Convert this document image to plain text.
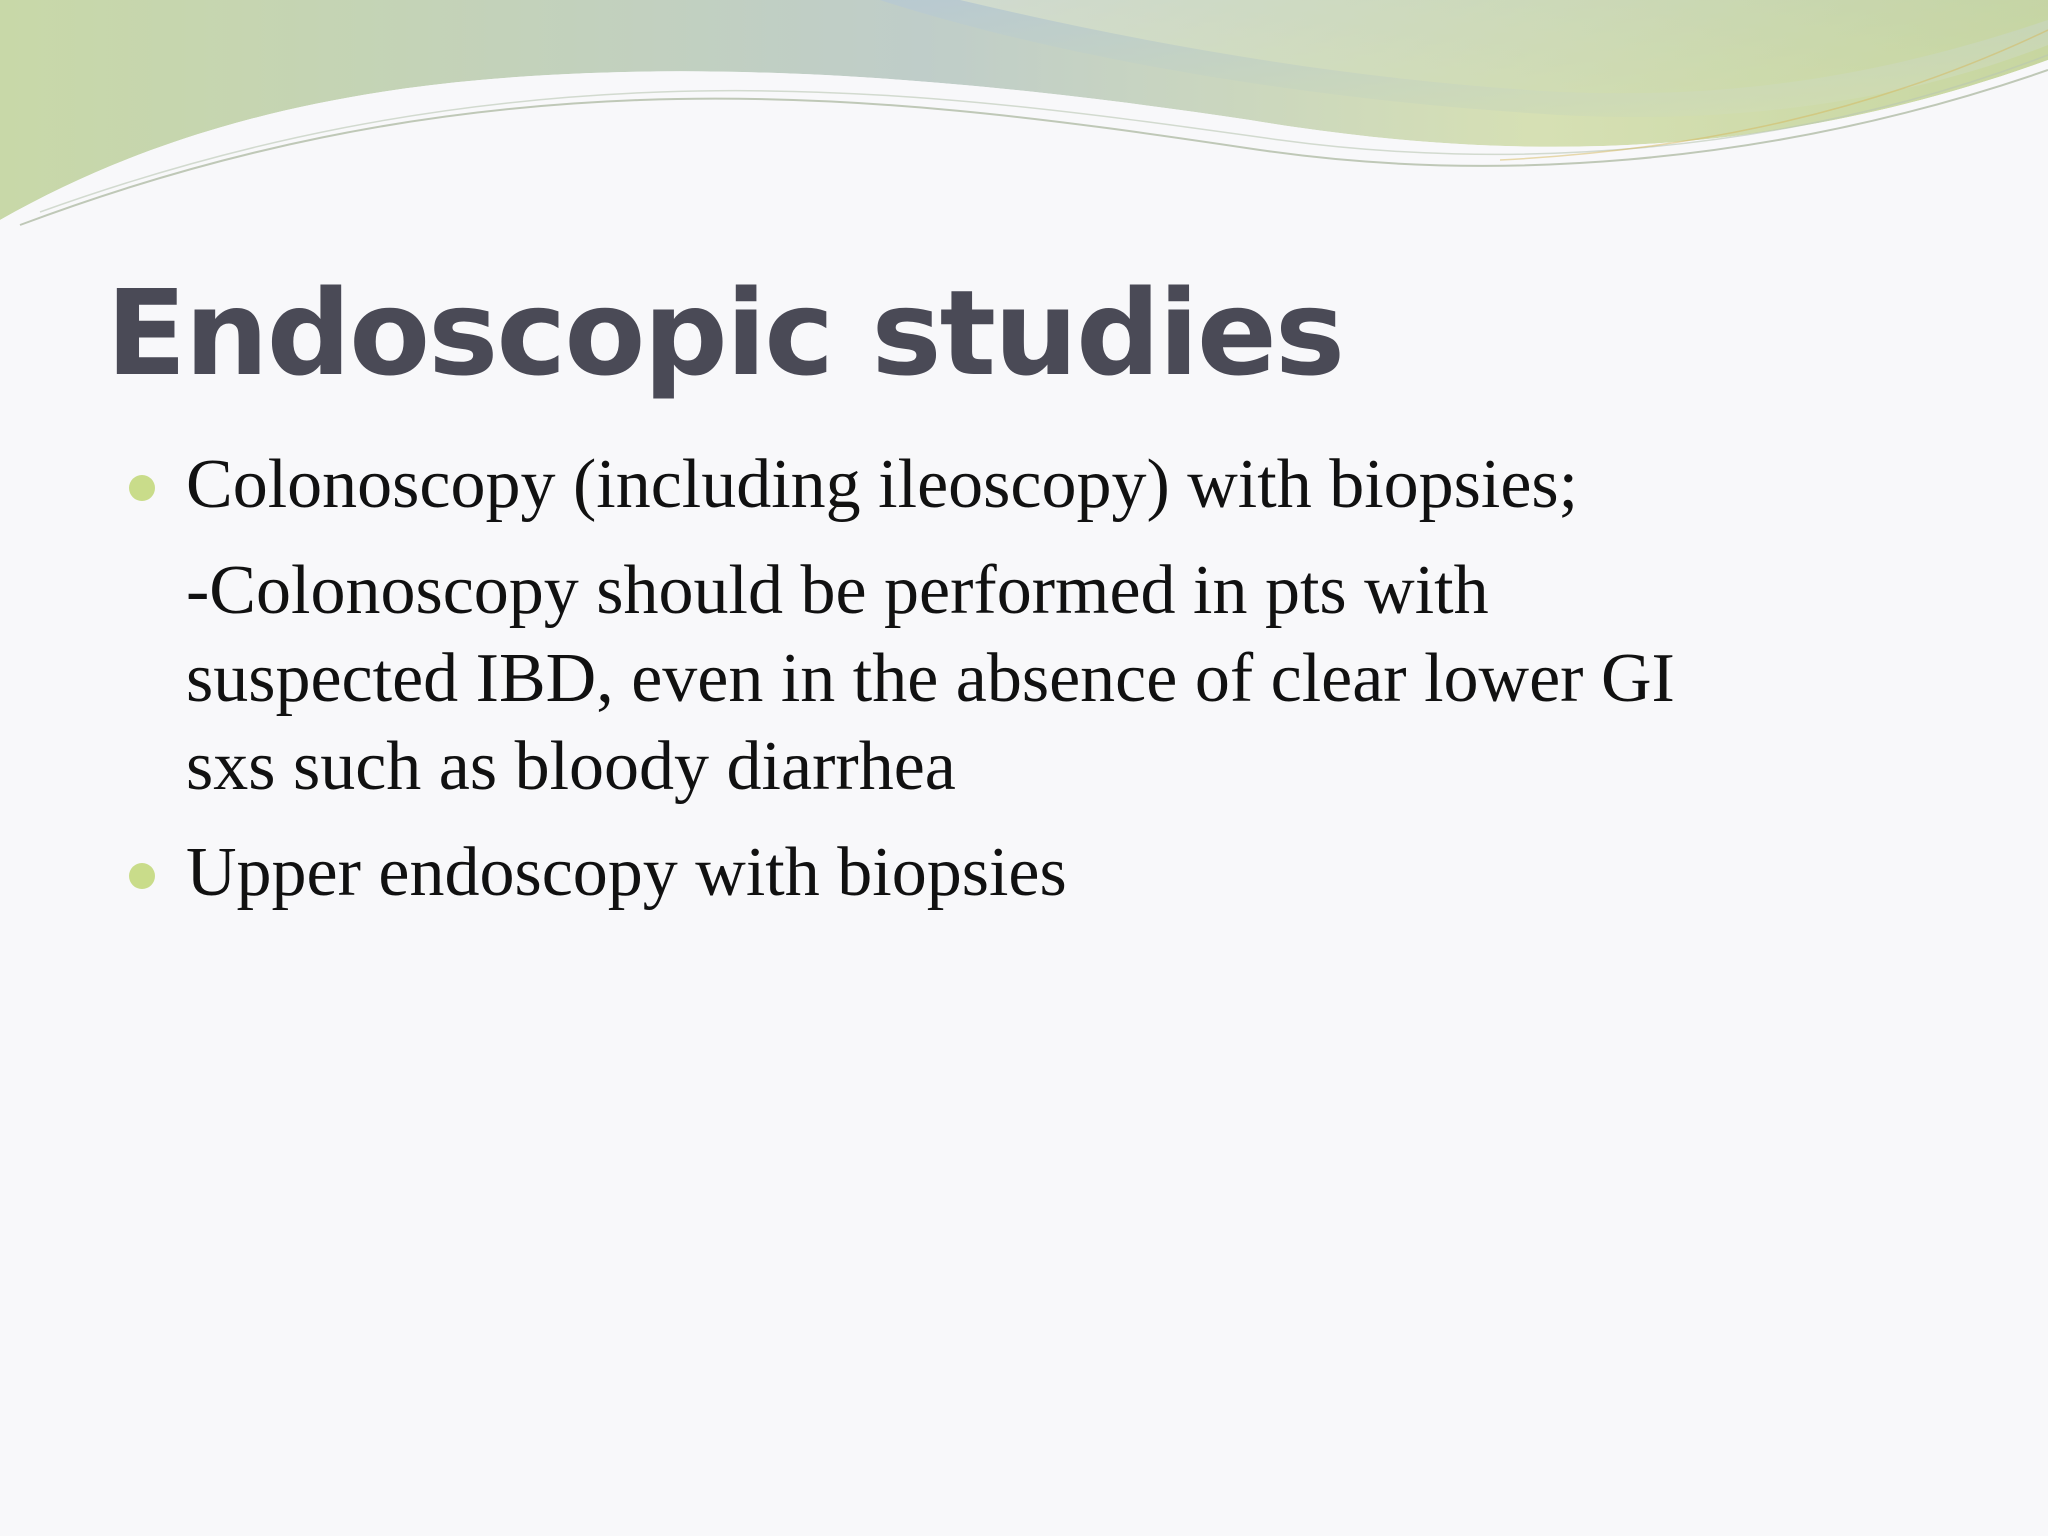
Endoscopic studies
Colonoscopy (including ileoscopy) with biopsies;
-Colonoscopy should be performed in pts with
suspected IBD, even in the absence of clear lower GI
sxs such as bloody diarrhea
Upper endoscopy with biopsies
